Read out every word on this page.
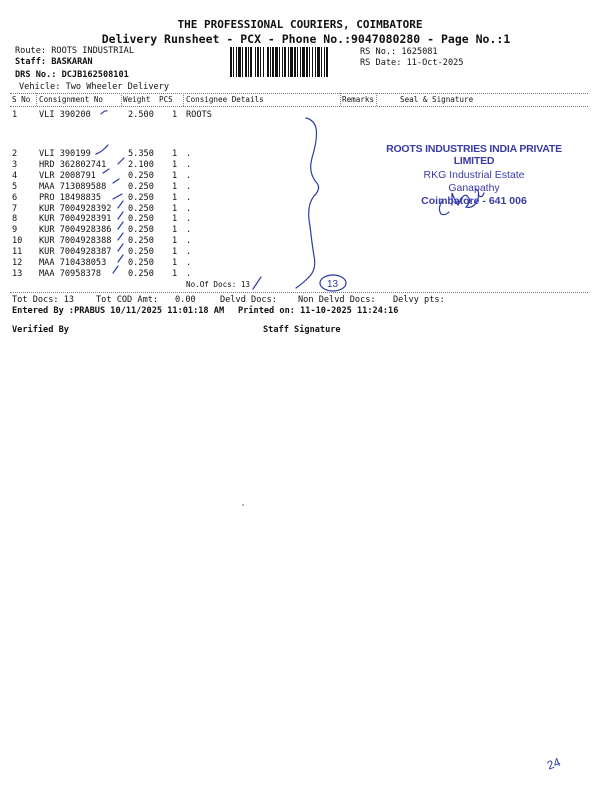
THE PROFESSIONAL COURIERS, COIMBATORE
Delivery Runsheet - PCX - Phone No.:9047080280 - Page No.:1
Route: ROOTS INDUSTRIAL
Staff: BASKARAN
DRS No.: DCJB162508101
Vehicle: Two Wheeler Delivery
RS No.: 1625081
RS Date: 11-Oct-2025
S No Consignment No	Weight PCS Consignee Details	Remarks	Seal & Signature
1	VLI 390200	2.500 1 ROOTS
2	VLI 390199	5.350 1 .
3	HRD 362802741	2.100 1 .
4	VLR 2008791	0.250 1 .
5	MAA 713089588	0.250 1 .
6	PRO 18498835	0.250 1 .
7	KUR 7004928392 0.250 1 .
8	KUR 7004928391 0.250 1 .
9	KUR 7004928386 0.250 1 .
10 KUR 7004928388 0.250 1 .
11 KUR 7004928387 0.250 1 .
12 MAA 710438053	0.250 1 .
13 MAA 70958378	0.250 1 .
No.Of Docs: 13
ROOTS INDUSTRIES INDIA PRIVATE LIMITED
RKG Industrial Estate
Ganapathy
Coimbatore - 641 006
Tot Docs: 13	Tot COD Amt: 0.00	Delvd Docs: Non Delvd Docs: Delvy pts:
Entered By :PRABUS 10/11/2025 11:01:18 AM Printed on: 11-10-2025 11:24:16
Verified By	Staff Signature
13
24
